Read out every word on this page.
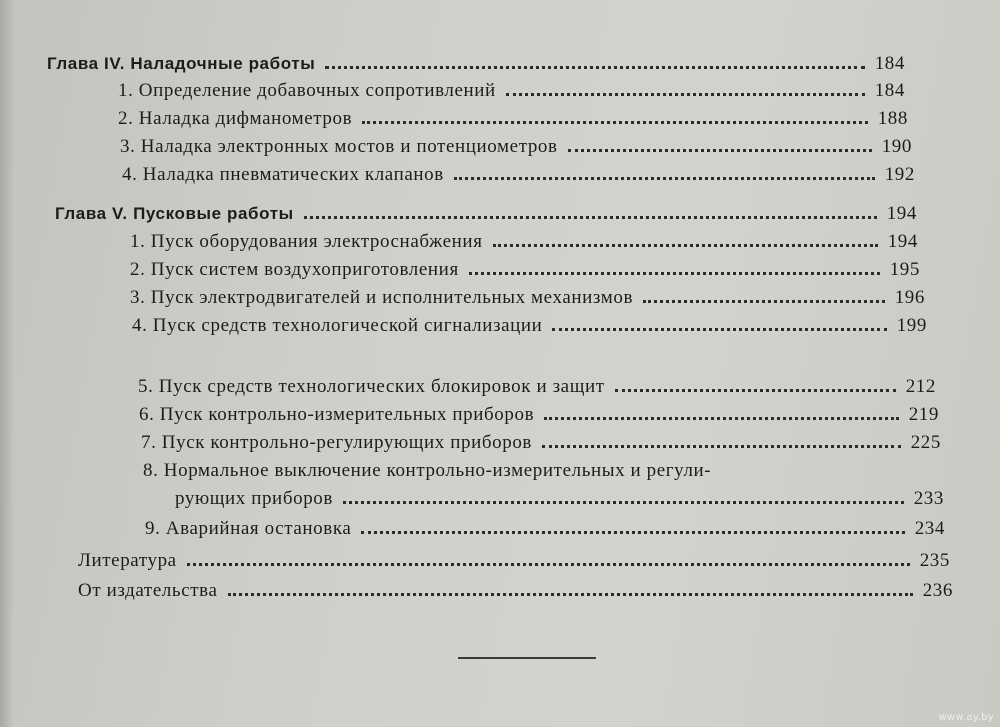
Глава IV. Наладочные работы	184
1. Определение добавочных сопротивлений	184
2. Наладка дифманометров	188
3. Наладка электронных мостов и потенциометров	190
4. Наладка пневматических клапанов	192
Глава V. Пусковые работы	194
1. Пуск оборудования электроснабжения	194
2. Пуск систем воздухоприготовления	195
3. Пуск электродвигателей и исполнительных механизмов	196
4. Пуск средств технологической сигнализации	199
5. Пуск средств технологических блокировок и защит	212
6. Пуск контрольно-измерительных приборов	219
7. Пуск контрольно-регулирующих приборов	225
8. Нормальное выключение контрольно-измерительных и регули-
рующих приборов	233
9. Аварийная остановка	234
Литература	235
От издательства	236
www.ay.by
